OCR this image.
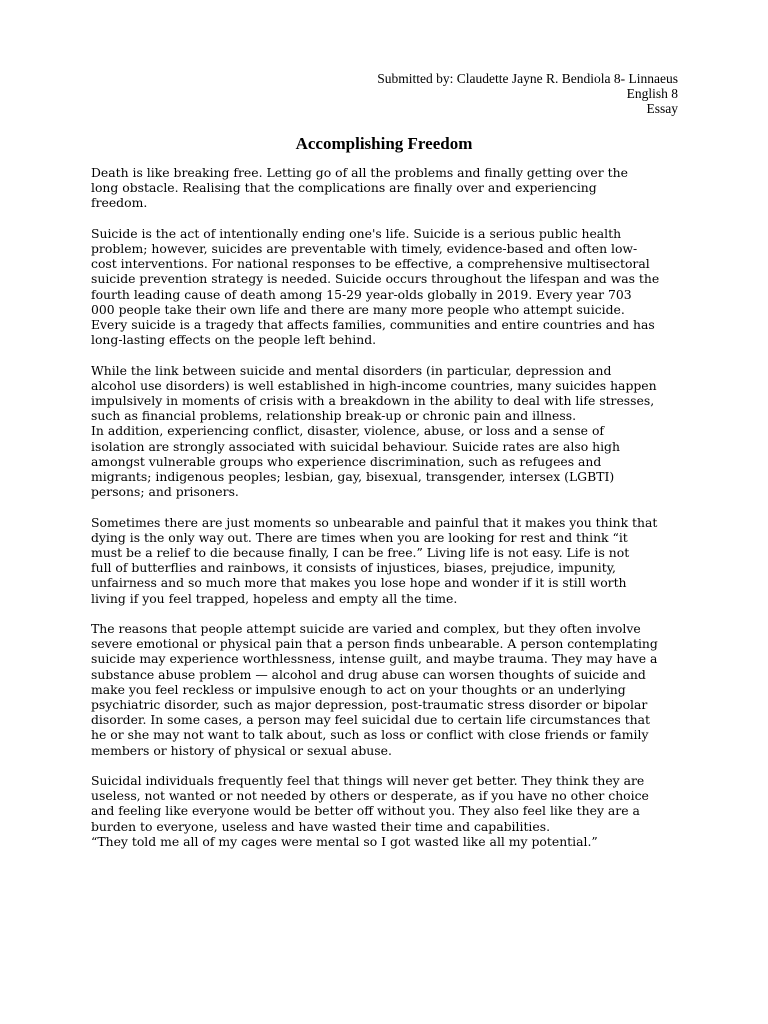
Submitted by: Claudette Jayne R. Bendiola 8- Linnaeus
English 8
Essay
Accomplishing Freedom
Death is like breaking free. Letting go of all the problems and finally getting over the
long obstacle. Realising that the complications are finally over and experiencing
freedom.
Suicide is the act of intentionally ending one's life. Suicide is a serious public health
problem; however, suicides are preventable with timely, evidence-based and often low-
cost interventions. For national responses to be effective, a comprehensive multisectoral
suicide prevention strategy is needed. Suicide occurs throughout the lifespan and was the
fourth leading cause of death among 15-29 year-olds globally in 2019. Every year 703
000 people take their own life and there are many more people who attempt suicide.
Every suicide is a tragedy that affects families, communities and entire countries and has
long-lasting effects on the people left behind.
While the link between suicide and mental disorders (in particular, depression and
alcohol use disorders) is well established in high-income countries, many suicides happen
impulsively in moments of crisis with a breakdown in the ability to deal with life stresses,
such as financial problems, relationship break-up or chronic pain and illness.
In addition, experiencing conflict, disaster, violence, abuse, or loss and a sense of
isolation are strongly associated with suicidal behaviour. Suicide rates are also high
amongst vulnerable groups who experience discrimination, such as refugees and
migrants; indigenous peoples; lesbian, gay, bisexual, transgender, intersex (LGBTI)
persons; and prisoners.
Sometimes there are just moments so unbearable and painful that it makes you think that
dying is the only way out. There are times when you are looking for rest and think “it
must be a relief to die because finally, I can be free.” Living life is not easy. Life is not
full of butterflies and rainbows, it consists of injustices, biases, prejudice, impunity,
unfairness and so much more that makes you lose hope and wonder if it is still worth
living if you feel trapped, hopeless and empty all the time.
The reasons that people attempt suicide are varied and complex, but they often involve
severe emotional or physical pain that a person finds unbearable. A person contemplating
suicide may experience worthlessness, intense guilt, and maybe trauma. They may have a
substance abuse problem — alcohol and drug abuse can worsen thoughts of suicide and
make you feel reckless or impulsive enough to act on your thoughts or an underlying
psychiatric disorder, such as major depression, post-traumatic stress disorder or bipolar
disorder. In some cases, a person may feel suicidal due to certain life circumstances that
he or she may not want to talk about, such as loss or conflict with close friends or family
members or history of physical or sexual abuse.
Suicidal individuals frequently feel that things will never get better. They think they are
useless, not wanted or not needed by others or desperate, as if you have no other choice
and feeling like everyone would be better off without you. They also feel like they are a
burden to everyone, useless and have wasted their time and capabilities.
“They told me all of my cages were mental so I got wasted like all my potential.”
